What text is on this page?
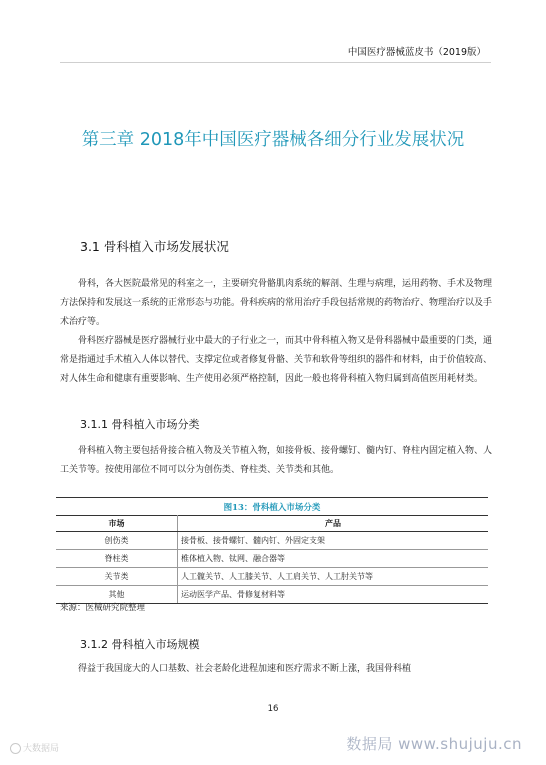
中国医疗器械蓝皮书（2019版）
第三章 2018年中国医疗器械各细分行业发展状况
3.1 骨科植入市场发展状况

骨科，各大医院最常见的科室之一，主要研究骨骼肌肉系统的解剖、生理与病理，运用药物、手术及物理方法保持和发展这一系统的正常形态与功能。骨科疾病的常用治疗手段包括常规的药物治疗、物理治疗以及手术治疗等。

骨科医疗器械是医疗器械行业中最大的子行业之一，而其中骨科植入物又是骨科器械中最重要的门类，通常是指通过手术植入人体以替代、支撑定位或者修复骨骼、关节和软骨等组织的器件和材料，由于价值较高、对人体生命和健康有重要影响、生产使用必须严格控制，因此一般也将骨科植入物归属到高值医用耗材类。

3.1.1 骨科植入市场分类

骨科植入物主要包括骨接合植入物及关节植入物，如接骨板、接骨螺钉、髓内钉、脊柱内固定植入物、人工关节等。按使用部位不同可以分为创伤类、脊柱类、关节类和其他。

图13：骨科植入市场分类
市场	产品
创伤类	接骨板、接骨螺钉、髓内钉、外固定支架
脊柱类	椎体植入物、钛网、融合器等
关节类	人工髋关节、人工膝关节、人工肩关节、人工肘关节等
其他	运动医学产品、骨修复材料等
来源：医械研究院整理
3.1.2 骨科植入市场规模

得益于我国庞大的人口基数、社会老龄化进程加速和医疗需求不断上涨，我国骨科植

16
大数据局	数据局 www.shujuju.cn
